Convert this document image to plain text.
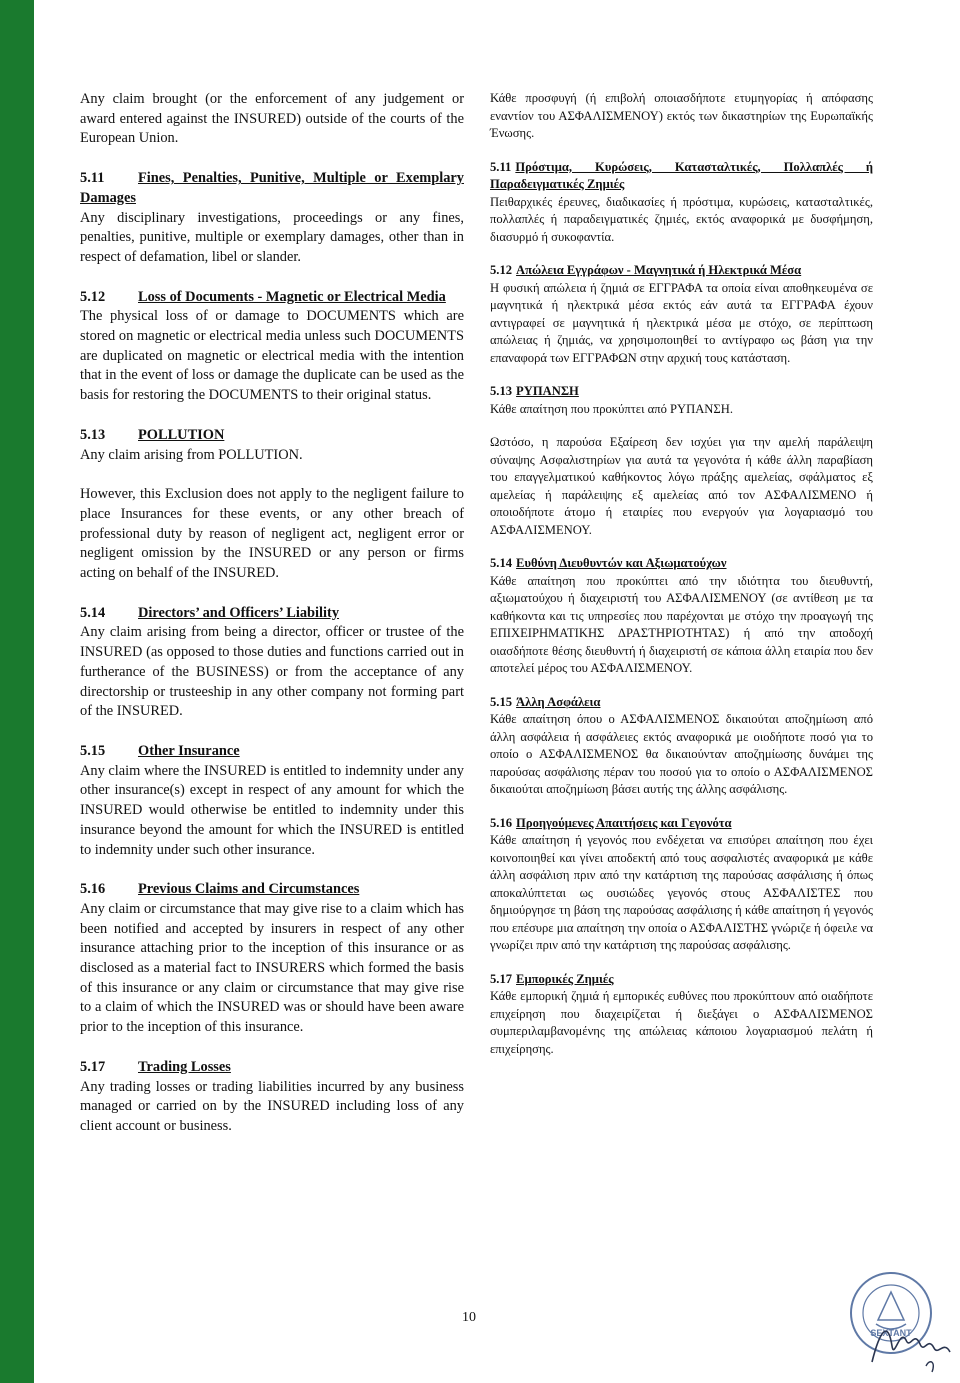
Any claim brought (or the enforcement of any judgement or award entered against the INSURED) outside of the courts of the European Union.

5.11 Fines, Penalties, Punitive, Multiple or Exemplary Damages

Any disciplinary investigations, proceedings or any fines, penalties, punitive, multiple or exemplary damages, other than in respect of defamation, libel or slander.

5.12 Loss of Documents - Magnetic or Electrical Media

The physical loss of or damage to DOCUMENTS which are stored on magnetic or electrical media unless such DOCUMENTS are duplicated on magnetic or electrical media with the intention that in the event of loss or damage the duplicate can be used as the basis for restoring the DOCUMENTS to their original status.

5.13 POLLUTION

Any claim arising from POLLUTION.

However, this Exclusion does not apply to the negligent failure to place Insurances for these events, or any other breach of professional duty by reason of negligent act, negligent error or negligent omission by the INSURED or any person or firms acting on behalf of the INSURED.

5.14 Directors’ and Officers’ Liability

Any claim arising from being a director, officer or trustee of the INSURED (as opposed to those duties and functions carried out in furtherance of the BUSINESS) or from the acceptance of any directorship or trusteeship in any other company not forming part of the INSURED.

5.15 Other Insurance

Any claim where the INSURED is entitled to indemnity under any other insurance(s) except in respect of any amount for which the INSURED would otherwise be entitled to indemnity under this insurance beyond the amount for which the INSURED is entitled to indemnity under such other insurance.

5.16 Previous Claims and Circumstances

Any claim or circumstance that may give rise to a claim which has been notified and accepted by insurers in respect of any other insurance attaching prior to the inception of this insurance or as disclosed as a material fact to INSURERS which formed the basis of this insurance or any claim or circumstance that may give rise to a claim of which the INSURED was or should have been aware prior to the inception of this insurance.

5.17 Trading Losses

Any trading losses or trading liabilities incurred by any business managed or carried on by the INSURED including loss of any client account or business.

Κάθε προσφυγή (ή επιβολή οποιασδήποτε ετυμηγορίας ή απόφασης εναντίον του ΑΣΦΑΛΙΣΜΕΝΟΥ) εκτός των δικαστηρίων της Ευρωπαϊκής Ένωσης.

5.11 Πρόστιμα, Κυρώσεις, Κατασταλτικές, Πολλαπλές ή Παραδειγματικές Ζημιές

Πειθαρχικές έρευνες, διαδικασίες ή πρόστιμα, κυρώσεις, κατασταλτικές, πολλαπλές ή παραδειγματικές ζημιές, εκτός αναφορικά με δυσφήμηση, διασυρμό ή συκοφαντία.

5.12 Απώλεια Εγγράφων - Μαγνητικά ή Ηλεκτρικά Μέσα

Η φυσική απώλεια ή ζημιά σε ΕΓΓΡΑΦΑ τα οποία είναι αποθηκευμένα σε μαγνητικά ή ηλεκτρικά μέσα εκτός εάν αυτά τα ΕΓΓΡΑΦΑ έχουν αντιγραφεί σε μαγνητικά ή ηλεκτρικά μέσα με στόχο, σε περίπτωση απώλειας ή ζημιάς, να χρησιμοποιηθεί το αντίγραφο ως βάση για την επαναφορά των ΕΓΓΡΑΦΩΝ στην αρχική τους κατάσταση.

5.13 ΡΥΠΑΝΣΗ

Κάθε απαίτηση που προκύπτει από ΡΥΠΑΝΣΗ.

Ωστόσο, η παρούσα Εξαίρεση δεν ισχύει για την αμελή παράλειψη σύναψης Ασφαλιστηρίων για αυτά τα γεγονότα ή κάθε άλλη παραβίαση του επαγγελματικού καθήκοντος λόγω πράξης αμελείας, σφάλματος εξ αμελείας ή παράλειψης εξ αμελείας από τον ΑΣΦΑΛΙΣΜΕΝΟ ή οποιοδήποτε άτομο ή εταιρίες που ενεργούν για λογαριασμό του ΑΣΦΑΛΙΣΜΕΝΟΥ.

5.14 Ευθύνη Διευθυντών και Αξιωματούχων

Κάθε απαίτηση που προκύπτει από την ιδιότητα του διευθυντή, αξιωματούχου ή διαχειριστή του ΑΣΦΑΛΙΣΜΕΝΟΥ (σε αντίθεση με τα καθήκοντα και τις υπηρεσίες που παρέχονται με στόχο την προαγωγή της ΕΠΙΧΕΙΡΗΜΑΤΙΚΗΣ ΔΡΑΣΤΗΡΙΟΤΗΤΑΣ) ή από την αποδοχή οιασδήποτε θέσης διευθυντή ή διαχειριστή σε κάποια άλλη εταιρία που δεν αποτελεί μέρος του ΑΣΦΑΛΙΣΜΕΝΟΥ.

5.15 Άλλη Ασφάλεια

Κάθε απαίτηση όπου ο ΑΣΦΑΛΙΣΜΕΝΟΣ δικαιούται αποζημίωση από άλλη ασφάλεια ή ασφάλειες εκτός αναφορικά με οιοδήποτε ποσό για το οποίο ο ΑΣΦΑΛΙΣΜΕΝΟΣ θα δικαιούνταν αποζημίωσης δυνάμει της παρούσας ασφάλισης πέραν του ποσού για το οποίο ο ΑΣΦΑΛΙΣΜΕΝΟΣ δικαιούται αποζημίωση βάσει αυτής της άλλης ασφάλισης.

5.16 Προηγούμενες Απαιτήσεις και Γεγονότα

Κάθε απαίτηση ή γεγονός που ενδέχεται να επισύρει απαίτηση που έχει κοινοποιηθεί και γίνει αποδεκτή από τους ασφαλιστές αναφορικά με κάθε άλλη ασφάλιση πριν από την κατάρτιση της παρούσας ασφάλισης ή όπως αποκαλύπτεται ως ουσιώδες γεγονός στους ΑΣΦΑΛΙΣΤΕΣ που δημιούργησε τη βάση της παρούσας ασφάλισης ή κάθε απαίτηση ή γεγονός που επέσυρε μια απαίτηση την οποία ο ΑΣΦΑΛΙΣΤΗΣ γνώριζε ή όφειλε να γνωρίζει πριν από την κατάρτιση της παρούσας ασφάλισης.

5.17 Εμπορικές Ζημιές

Κάθε εμπορική ζημιά ή εμπορικές ευθύνες που προκύπτουν από οιαδήποτε επιχείρηση που διαχειρίζεται ή διεξάγει ο ΑΣΦΑΛΙΣΜΕΝΟΣ συμπεριλαμβανομένης της απώλειας κάποιου λογαριασμού πελάτη ή επιχείρησης.

10
SEXTANT
